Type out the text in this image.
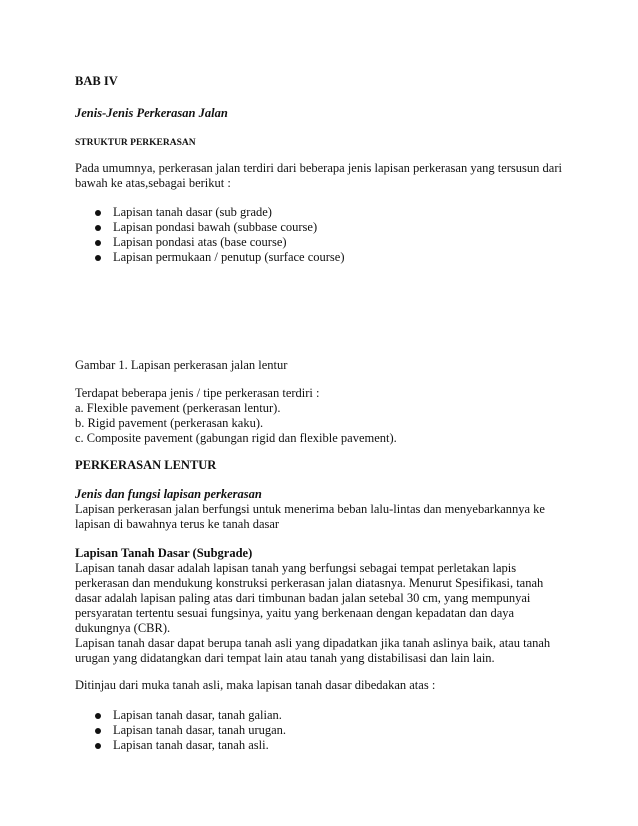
BAB IV
Jenis-Jenis Perkerasan Jalan
STRUKTUR PERKERASAN
Pada umumnya, perkerasan jalan terdiri dari beberapa jenis lapisan perkerasan yang tersusun dari
bawah ke atas,sebagai berikut :
Lapisan tanah dasar (sub grade)
Lapisan pondasi bawah (subbase course)
Lapisan pondasi atas (base course)
Lapisan permukaan / penutup (surface course)
Gambar 1. Lapisan perkerasan jalan lentur
Terdapat beberapa jenis / tipe perkerasan terdiri :
a. Flexible pavement (perkerasan lentur).
b. Rigid pavement (perkerasan kaku).
c. Composite pavement (gabungan rigid dan flexible pavement).
PERKERASAN LENTUR
Jenis dan fungsi lapisan perkerasan
Lapisan perkerasan jalan berfungsi untuk menerima beban lalu-lintas dan menyebarkannya ke
lapisan di bawahnya terus ke tanah dasar
Lapisan Tanah Dasar (Subgrade)
Lapisan tanah dasar adalah lapisan tanah yang berfungsi sebagai tempat perletakan lapis
perkerasan dan mendukung konstruksi perkerasan jalan diatasnya. Menurut Spesifikasi, tanah
dasar adalah lapisan paling atas dari timbunan badan jalan setebal 30 cm, yang mempunyai
persyaratan tertentu sesuai fungsinya, yaitu yang berkenaan dengan kepadatan dan daya
dukungnya (CBR).
Lapisan tanah dasar dapat berupa tanah asli yang dipadatkan jika tanah aslinya baik, atau tanah
urugan yang didatangkan dari tempat lain atau tanah yang distabilisasi dan lain lain.
Ditinjau dari muka tanah asli, maka lapisan tanah dasar dibedakan atas :
Lapisan tanah dasar, tanah galian.
Lapisan tanah dasar, tanah urugan.
Lapisan tanah dasar, tanah asli.
